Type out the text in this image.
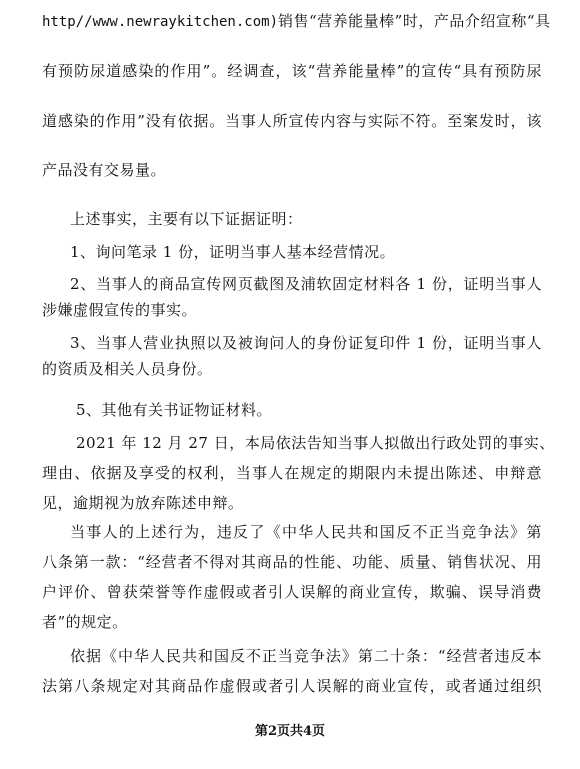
http//www.newraykitchen.com)销售“营养能量棒”时，产品介绍宣称“具
有预防尿道感染的作用”。经调查，该“营养能量棒”的宣传“具有预防尿
道感染的作用”没有依据。当事人所宣传内容与实际不符。至案发时，该
产品没有交易量。
上述事实，主要有以下证据证明：
1、询问笔录 1 份，证明当事人基本经营情况。
2、当事人的商品宣传网页截图及浦软固定材料各 1 份，证明当事人
涉嫌虚假宣传的事实。
3、当事人营业执照以及被询问人的身份证复印件 1 份，证明当事人
的资质及相关人员身份。
5、其他有关书证物证材料。
2021 年 12 月 27 日，本局依法告知当事人拟做出行政处罚的事实、
理由、依据及享受的权利，当事人在规定的期限内未提出陈述、申辩意
见，逾期视为放弃陈述申辩。
当事人的上述行为，违反了《中华人民共和国反不正当竞争法》第
八条第一款：“经营者不得对其商品的性能、功能、质量、销售状况、用
户评价、曾获荣誉等作虚假或者引人误解的商业宣传，欺骗、误导消费
者”的规定。
依据《中华人民共和国反不正当竞争法》第二十条：“经营者违反本
法第八条规定对其商品作虚假或者引人误解的商业宣传，或者通过组织
第2页共4页
